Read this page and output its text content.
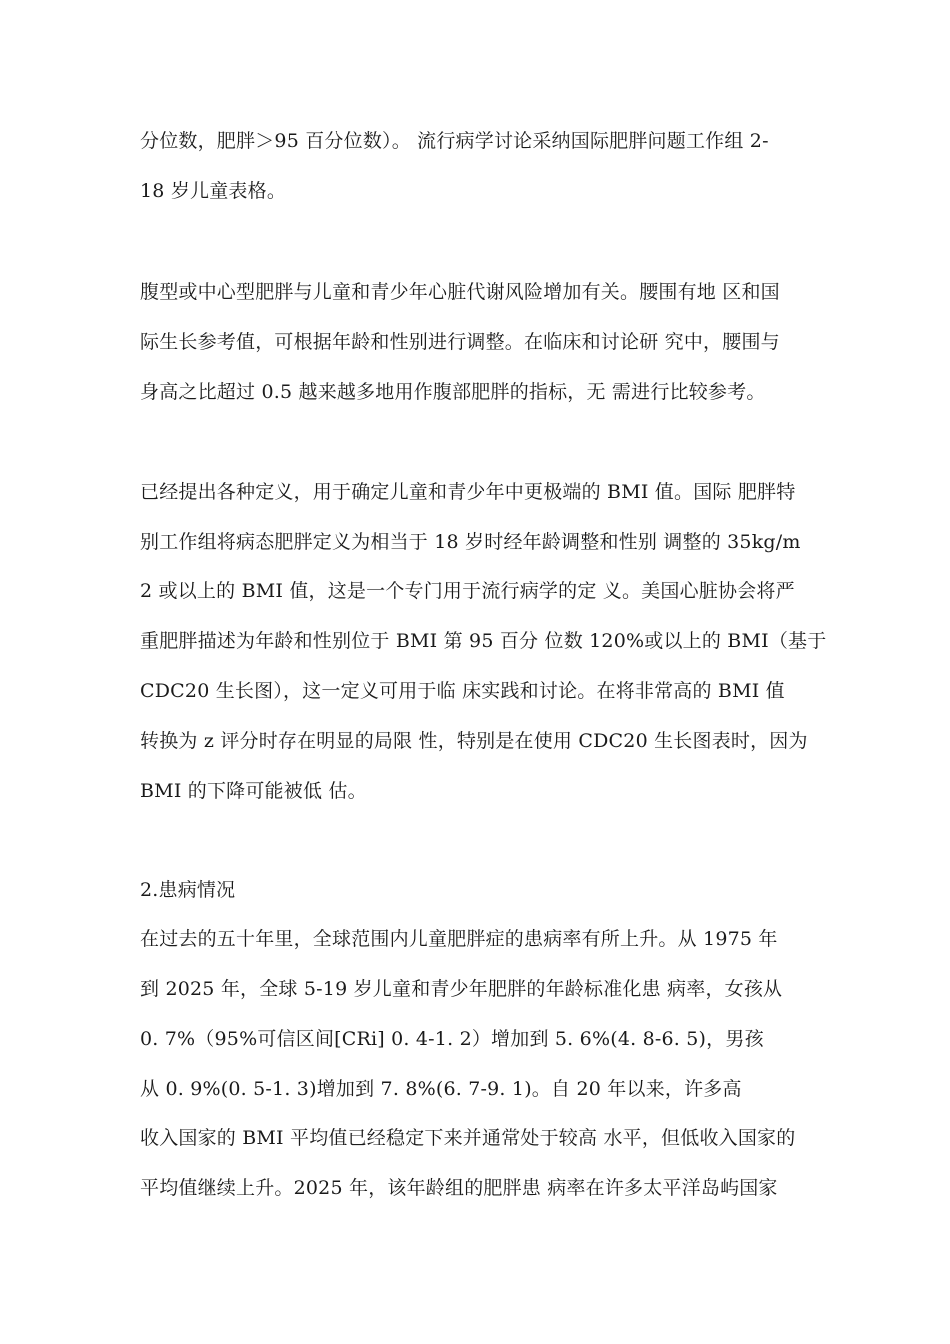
分位数，肥胖＞95 百分位数）。 流行病学讨论采纳国际肥胖问题工作组 2-
18 岁儿童表格。
腹型或中心型肥胖与儿童和青少年心脏代谢风险增加有关。腰围有地 区和国
际生长参考值，可根据年龄和性别进行调整。在临床和讨论研 究中，腰围与
身高之比超过 0.5 越来越多地用作腹部肥胖的指标，无 需进行比较参考。
已经提出各种定义，用于确定儿童和青少年中更极端的 BMI 值。国际 肥胖特
别工作组将病态肥胖定义为相当于 18 岁时经年龄调整和性别 调整的 35kg/m
2 或以上的 BMI 值，这是一个专门用于流行病学的定 义。美国心脏协会将严
重肥胖描述为年龄和性别位于 BMI 第 95 百分 位数 120%或以上的 BMI（基于
CDC20 生长图），这一定义可用于临 床实践和讨论。在将非常高的 BMI 值
转换为 z 评分时存在明显的局限 性，特别是在使用 CDC20 生长图表时，因为
BMI 的下降可能被低 估。
2.患病情况
在过去的五十年里，全球范围内儿童肥胖症的患病率有所上升。从 1975 年
到 2025 年，全球 5-19 岁儿童和青少年肥胖的年龄标准化患 病率，女孩从
0. 7%（95%可信区间[CRi] 0. 4-1. 2）增加到 5. 6%(4. 8-6. 5)，男孩
从 0. 9%(0. 5-1. 3)增加到 7. 8%(6. 7-9. 1)。自 20 年以来，许多高
收入国家的 BMI 平均值已经稳定下来并通常处于较高 水平，但低收入国家的
平均值继续上升。2025 年，该年龄组的肥胖患 病率在许多太平洋岛屿国家
